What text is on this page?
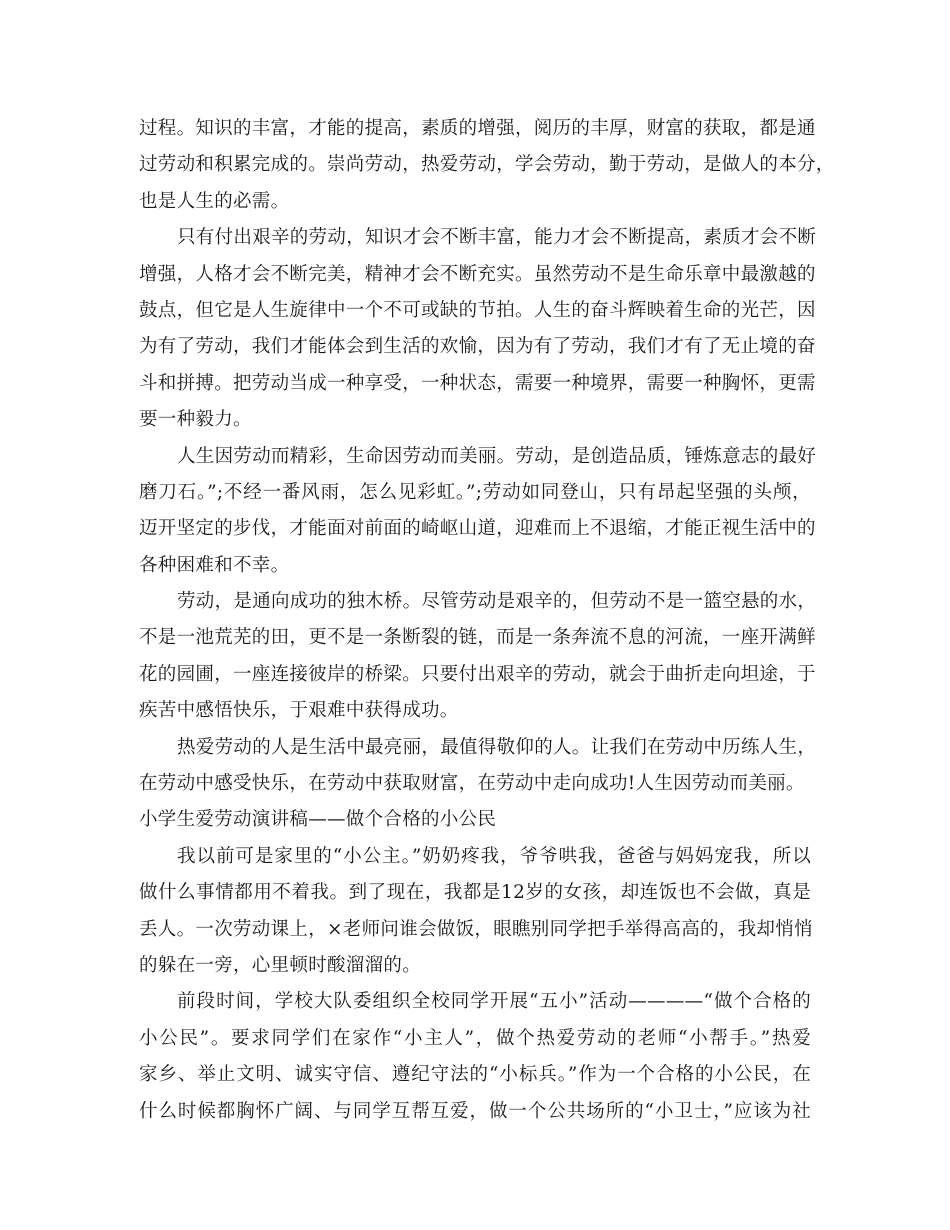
过程。知识的丰富，才能的提高，素质的增强，阅历的丰厚，财富的获取，都是通
过劳动和积累完成的。崇尚劳动，热爱劳动，学会劳动，勤于劳动，是做人的本分，
也是人生的必需。
只有付出艰辛的劳动，知识才会不断丰富，能力才会不断提高，素质才会不断
增强，人格才会不断完美，精神才会不断充实。虽然劳动不是生命乐章中最激越的
鼓点，但它是人生旋律中一个不可或缺的节拍。人生的奋斗辉映着生命的光芒，因
为有了劳动，我们才能体会到生活的欢愉，因为有了劳动，我们才有了无止境的奋
斗和拼搏。把劳动当成一种享受，一种状态，需要一种境界，需要一种胸怀，更需
要一种毅力。
人生因劳动而精彩，生命因劳动而美丽。劳动，是创造品质，锤炼意志的最好
磨刀石。”;不经一番风雨，怎么见彩虹。”;劳动如同登山，只有昂起坚强的头颅，
迈开坚定的步伐，才能面对前面的崎岖山道，迎难而上不退缩，才能正视生活中的
各种困难和不幸。
劳动，是通向成功的独木桥。尽管劳动是艰辛的，但劳动不是一篮空悬的水，
不是一池荒芜的田，更不是一条断裂的链，而是一条奔流不息的河流，一座开满鲜
花的园圃，一座连接彼岸的桥梁。只要付出艰辛的劳动，就会于曲折走向坦途，于
疾苦中感悟快乐，于艰难中获得成功。
热爱劳动的人是生活中最亮丽，最值得敬仰的人。让我们在劳动中历练人生，
在劳动中感受快乐，在劳动中获取财富，在劳动中走向成功!人生因劳动而美丽。
小学生爱劳动演讲稿——做个合格的小公民
我以前可是家里的“小公主。”奶奶疼我，爷爷哄我，爸爸与妈妈宠我，所以
做什么事情都用不着我。到了现在，我都是12岁的女孩，却连饭也不会做，真是
丢人。一次劳动课上，×老师问谁会做饭，眼瞧别同学把手举得高高的，我却悄悄
的躲在一旁，心里顿时酸溜溜的。
前段时间，学校大队委组织全校同学开展“五小”活动————“做个合格的
小公民”。要求同学们在家作“小主人”，做个热爱劳动的老师“小帮手。”热爱
家乡、举止文明、诚实守信、遵纪守法的“小标兵。”作为一个合格的小公民，在
什么时候都胸怀广阔、与同学互帮互爱，做一个公共场所的“小卫士，”应该为社
